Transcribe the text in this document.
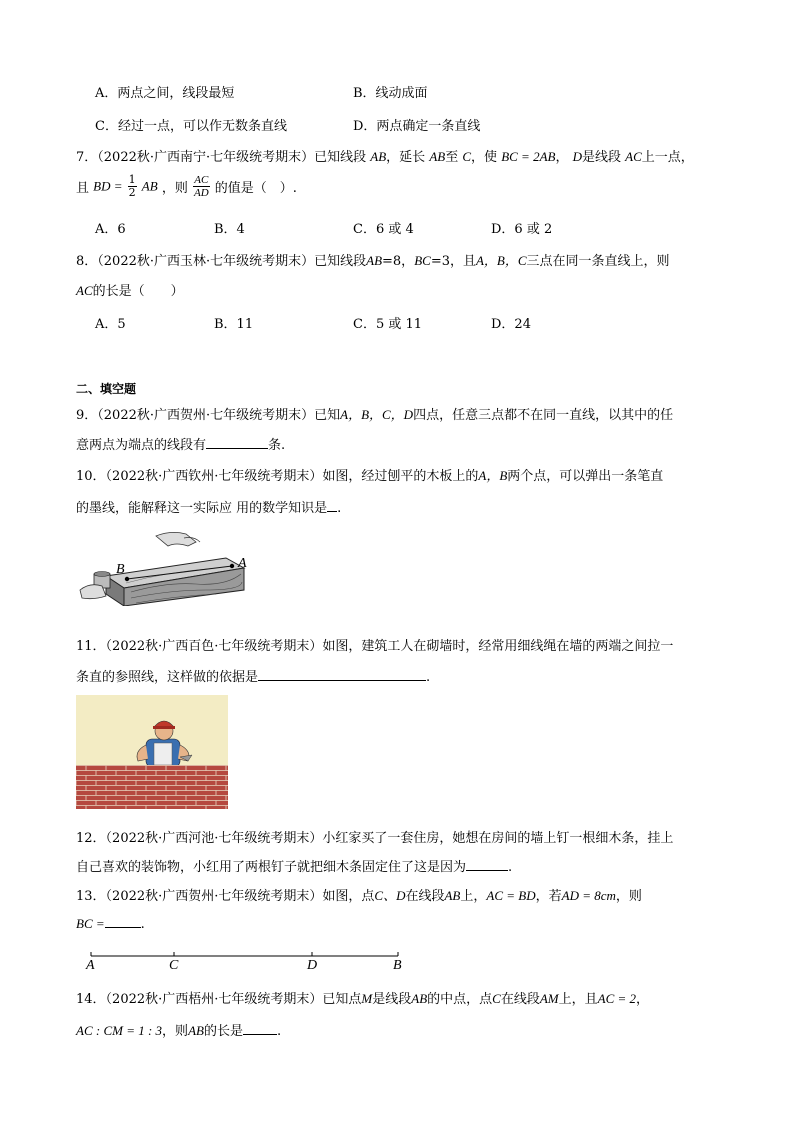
A．两点之间，线段最短	B．线动成面
C．经过一点，可以作无数条直线	D．两点确定一条直线
7．（2022秋·广西南宁·七年级统考期末）已知线段 AB，延长 AB至 C，使 BC = 2AB， D是线段 AC上一点，
且 BD = $\frac{1}{2}$ AB ，则 $\frac{AC}{AD}$ 的值是（　）.
A．6	B．4	C．6 或 4	D．6 或 2
8．（2022秋·广西玉林·七年级统考期末）已知线段AB=8，BC=3，且A，B，C三点在同一条直线上，则
AC的长是（　　）
A．5	B．11	C．5 或 11	D．24
二、填空题
9．（2022秋·广西贺州·七年级统考期末）已知A，B，C，D四点，任意三点都不在同一直线，以其中的任
意两点为端点的线段有	条.
10．（2022秋·广西钦州·七年级统考期末）如图，经过刨平的木板上的A，B两个点，可以弹出一条笔直
的墨线，能解释这一实际应 用的数学知识是 .
B	A
11．（2022秋·广西百色·七年级统考期末）如图，建筑工人在砌墙时，经常用细线绳在墙的两端之间拉一
条直的参照线，这样做的依据是	.
12．（2022秋·广西河池·七年级统考期末）小红家买了一套住房，她想在房间的墙上钉一根细木条，挂上
自己喜欢的装饰物，小红用了两根钉子就把细木条固定住了这是因为	.
13．（2022秋·广西贺州·七年级统考期末）如图，点C、D在线段AB上，AC = BD，若AD = 8cm，则
BC =	.
A	C	D	B
14．（2022秋·广西梧州·七年级统考期末）已知点M是线段AB的中点，点C在线段AM上，且AC = 2，
AC : CM = 1 : 3，则AB的长是	.
